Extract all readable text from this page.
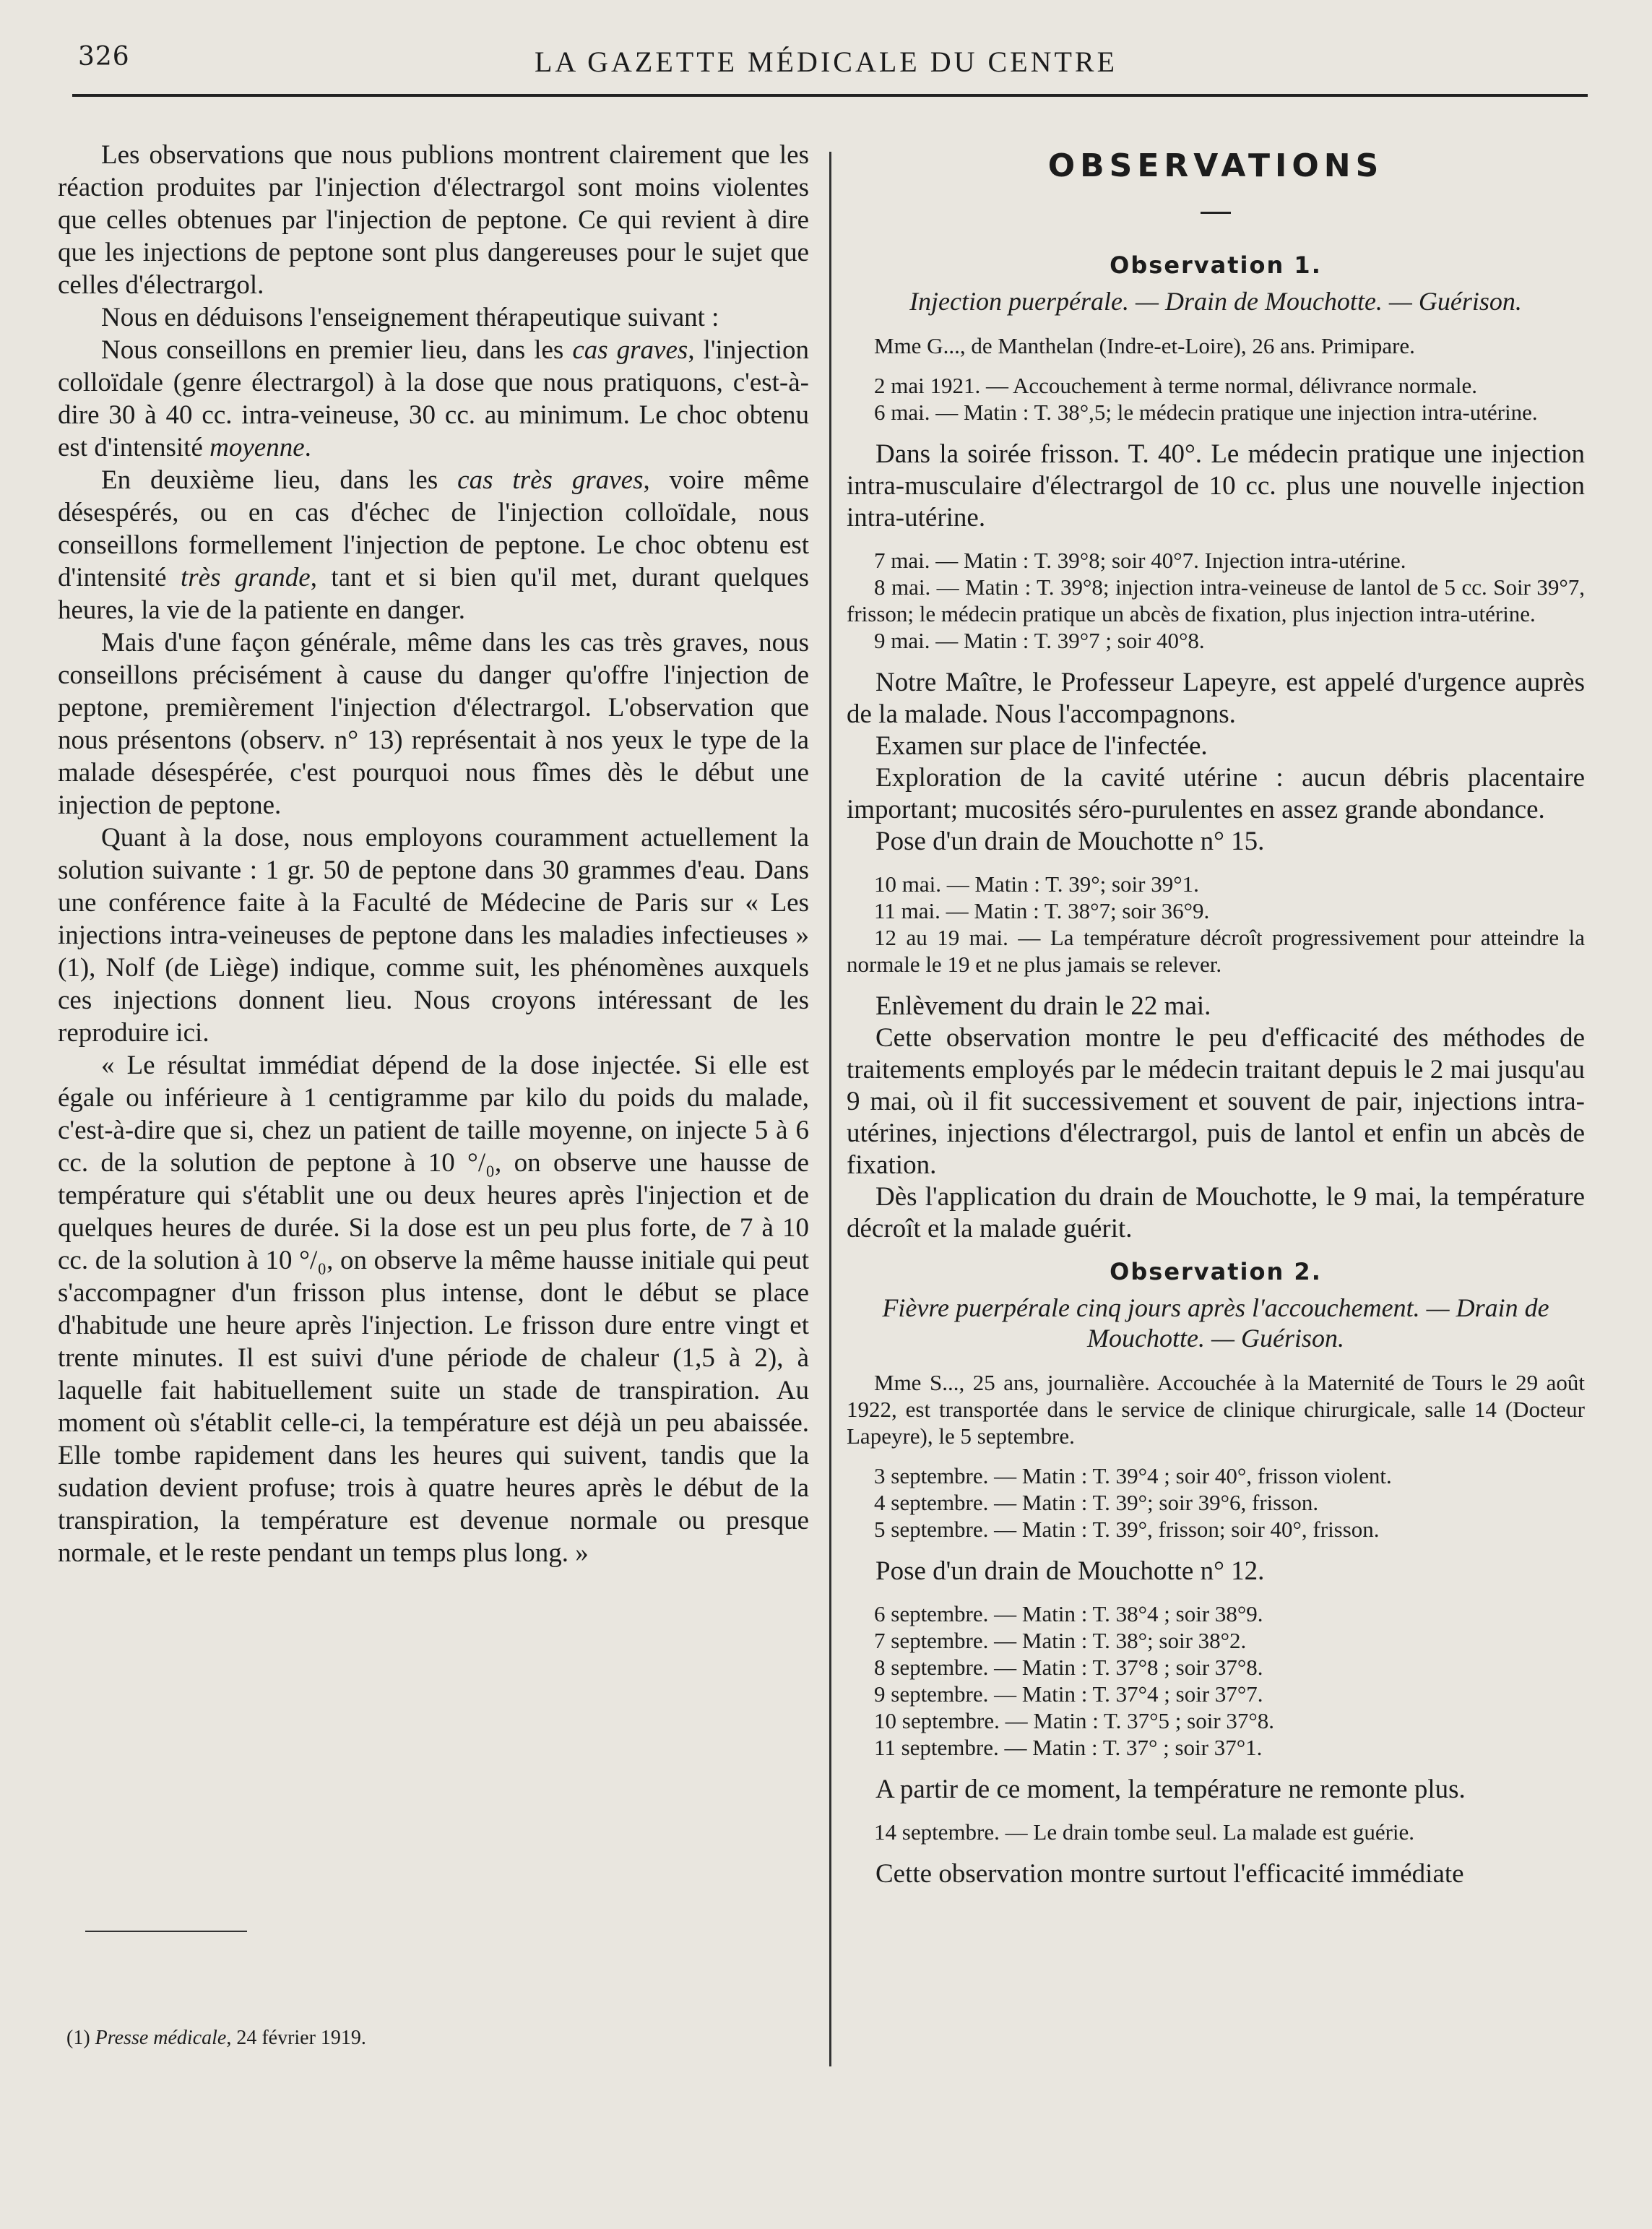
326	LA GAZETTE MÉDICALE DU CENTRE

Les observations que nous publions montrent clairement que les réaction produites par l'injection d'électrargol sont moins violentes que celles obtenues par l'injection de peptone. Ce qui revient à dire que les injections de peptone sont plus dangereuses pour le sujet que celles d'électrargol.

Nous en déduisons l'enseignement thérapeutique suivant :

Nous conseillons en premier lieu, dans les cas graves, l'injection colloïdale (genre électrargol) à la dose que nous pratiquons, c'est-à-dire 30 à 40 cc. intra-veineuse, 30 cc. au minimum. Le choc obtenu est d'intensité moyenne.

En deuxième lieu, dans les cas très graves, voire même désespérés, ou en cas d'échec de l'injection colloïdale, nous conseillons formellement l'injection de peptone. Le choc obtenu est d'intensité très grande, tant et si bien qu'il met, durant quelques heures, la vie de la patiente en danger.

Mais d'une façon générale, même dans les cas très graves, nous conseillons précisément à cause du danger qu'offre l'injection de peptone, premièrement l'injection d'électrargol. L'observation que nous présentons (observ. n° 13) représentait à nos yeux le type de la malade désespérée, c'est pourquoi nous fîmes dès le début une injection de peptone.

Quant à la dose, nous employons couramment actuellement la solution suivante : 1 gr. 50 de peptone dans 30 grammes d'eau. Dans une conférence faite à la Faculté de Médecine de Paris sur « Les injections intra-veineuses de peptone dans les maladies infectieuses » (1), Nolf (de Liège) indique, comme suit, les phénomènes auxquels ces injections donnent lieu. Nous croyons intéressant de les reproduire ici.

« Le résultat immédiat dépend de la dose injectée. Si elle est égale ou inférieure à 1 centigramme par kilo du poids du malade, c'est-à-dire que si, chez un patient de taille moyenne, on injecte 5 à 6 cc. de la solution de peptone à 10 °/₀, on observe une hausse de température qui s'établit une ou deux heures après l'injection et de quelques heures de durée. Si la dose est un peu plus forte, de 7 à 10 cc. de la solution à 10 °/₀, on observe la même hausse initiale qui peut s'accompagner d'un frisson plus intense, dont le début se place d'habitude une heure après l'injection. Le frisson dure entre vingt et trente minutes. Il est suivi d'une période de chaleur (1,5 à 2), à laquelle fait habituellement suite un stade de transpiration. Au moment où s'établit celle-ci, la température est déjà un peu abaissée. Elle tombe rapidement dans les heures qui suivent, tandis que la sudation devient profuse; trois à quatre heures après le début de la transpiration, la température est devenue normale ou presque normale, et le reste pendant un temps plus long. »

(1) Presse médicale, 24 février 1919.
OBSERVATIONS
Observation 1.
Injection puerpérale. — Drain de Mouchotte. — Guérison.

Mme G..., de Manthelan (Indre-et-Loire), 26 ans. Primipare.

2 mai 1921. — Accouchement à terme normal, délivrance normale.

6 mai. — Matin : T. 38°,5; le médecin pratique une injection intra-utérine.

Dans la soirée frisson. T. 40°. Le médecin pratique une injection intra-musculaire d'électrargol de 10 cc. plus une nouvelle injection intra-utérine.

7 mai. — Matin : T. 39°8; soir 40°7. Injection intra-utérine.

8 mai. — Matin : T. 39°8; injection intra-veineuse de lantol de 5 cc. Soir 39°7, frisson; le médecin pratique un abcès de fixation, plus injection intra-utérine.

9 mai. — Matin : T. 39°7 ; soir 40°8.

Notre Maître, le Professeur Lapeyre, est appelé d'urgence auprès de la malade. Nous l'accompagnons.

Examen sur place de l'infectée.

Exploration de la cavité utérine : aucun débris placentaire important; mucosités séro-purulentes en assez grande abondance.

Pose d'un drain de Mouchotte n° 15.

10 mai. — Matin : T. 39°; soir 39°1.

11 mai. — Matin : T. 38°7; soir 36°9.

12 au 19 mai. — La température décroît progressivement pour atteindre la normale le 19 et ne plus jamais se relever.

Enlèvement du drain le 22 mai.

Cette observation montre le peu d'efficacité des méthodes de traitements employés par le médecin traitant depuis le 2 mai jusqu'au 9 mai, où il fit successivement et souvent de pair, injections intra-utérines, injections d'électrargol, puis de lantol et enfin un abcès de fixation.

Dès l'application du drain de Mouchotte, le 9 mai, la température décroît et la malade guérit.

Observation 2.
Fièvre puerpérale cinq jours après l'accouchement. — Drain de Mouchotte. — Guérison.

Mme S..., 25 ans, journalière. Accouchée à la Maternité de Tours le 29 août 1922, est transportée dans le service de clinique chirurgicale, salle 14 (Docteur Lapeyre), le 5 septembre.

3 septembre. — Matin : T. 39°4 ; soir 40°, frisson violent.

4 septembre. — Matin : T. 39°; soir 39°6, frisson.

5 septembre. — Matin : T. 39°, frisson; soir 40°, frisson.

Pose d'un drain de Mouchotte n° 12.

6 septembre. — Matin : T. 38°4 ; soir 38°9.

7 septembre. — Matin : T. 38°; soir 38°2.

8 septembre. — Matin : T. 37°8 ; soir 37°8.

9 septembre. — Matin : T. 37°4 ; soir 37°7.

10 septembre. — Matin : T. 37°5 ; soir 37°8.

11 septembre. — Matin : T. 37° ; soir 37°1.

A partir de ce moment, la température ne remonte plus.

14 septembre. — Le drain tombe seul. La malade est guérie.

Cette observation montre surtout l'efficacité immédiate
